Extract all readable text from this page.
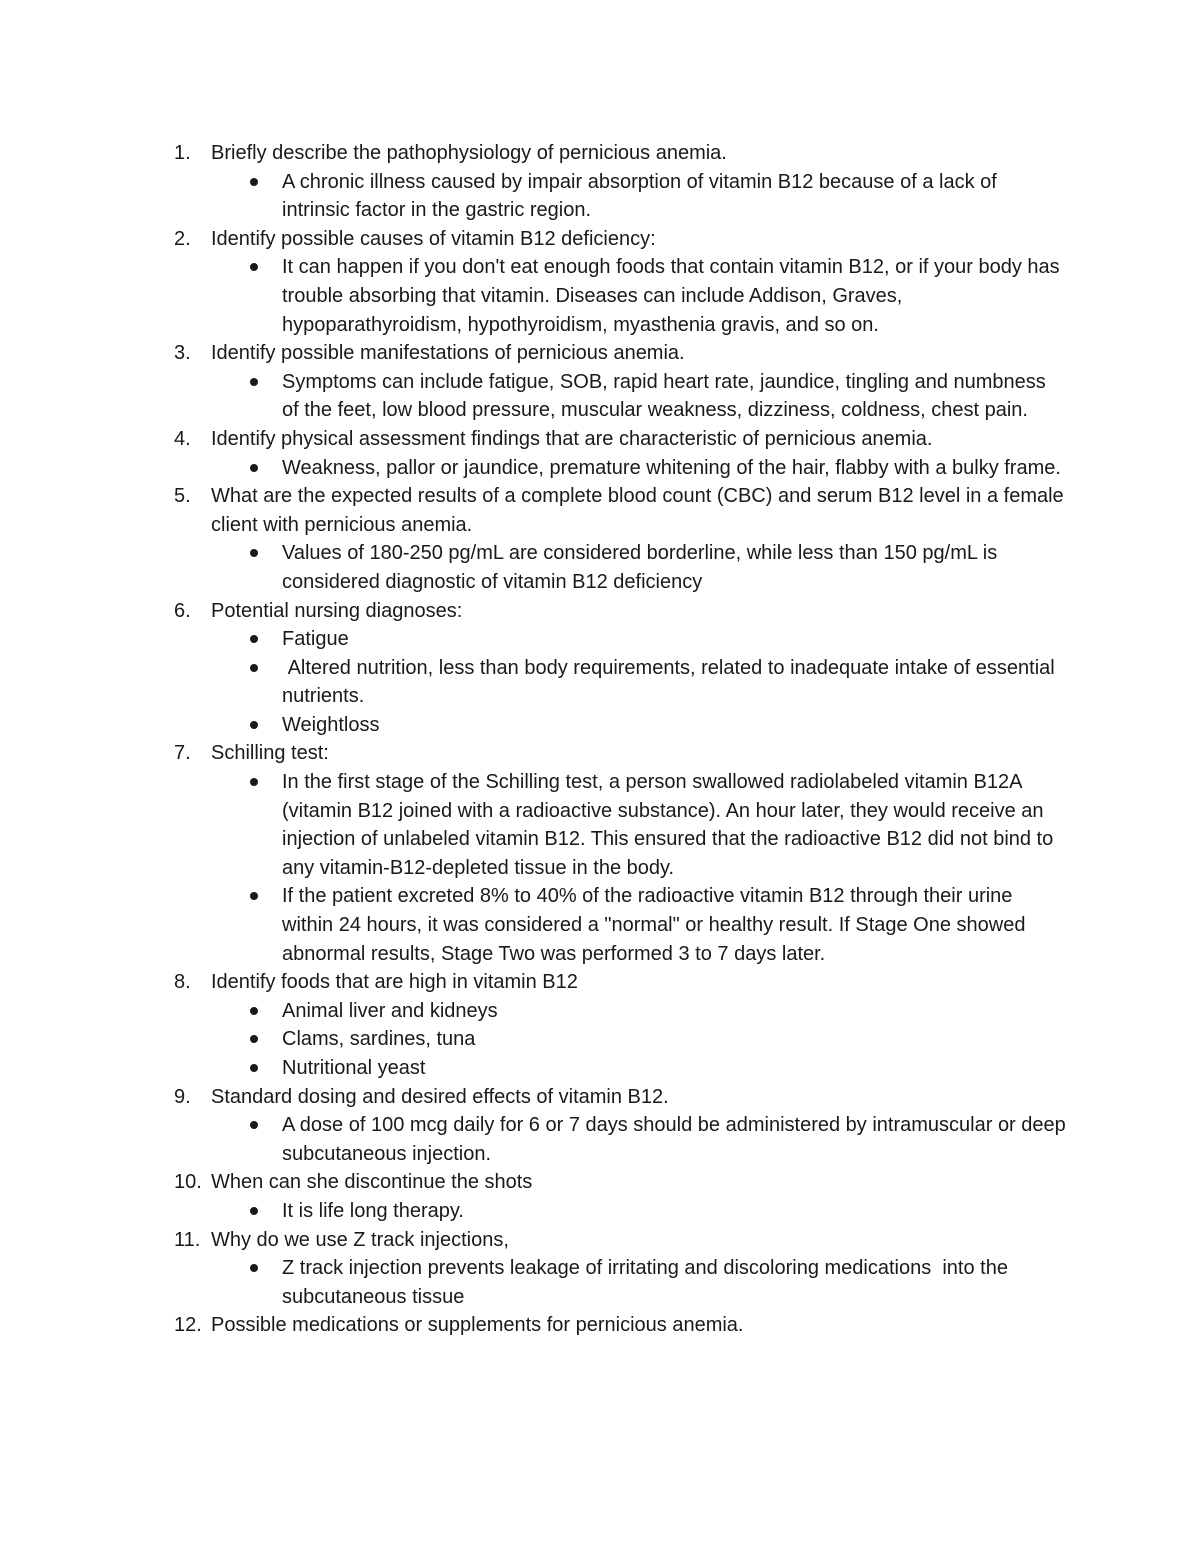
1. Briefly describe the pathophysiology of pernicious anemia.
A chronic illness caused by impair absorption of vitamin B12 because of a lack of intrinsic factor in the gastric region.
2. Identify possible causes of vitamin B12 deficiency:
It can happen if you don't eat enough foods that contain vitamin B12, or if your body has trouble absorbing that vitamin. Diseases can include Addison, Graves, hypoparathyroidism, hypothyroidism, myasthenia gravis, and so on.
3. Identify possible manifestations of pernicious anemia.
Symptoms can include fatigue, SOB, rapid heart rate, jaundice, tingling and numbness of the feet, low blood pressure, muscular weakness, dizziness, coldness, chest pain.
4. Identify physical assessment findings that are characteristic of pernicious anemia.
Weakness, pallor or jaundice, premature whitening of the hair, flabby with a bulky frame.
5. What are the expected results of a complete blood count (CBC) and serum B12 level in a female client with pernicious anemia.
Values of 180-250 pg/mL are considered borderline, while less than 150 pg/mL is considered diagnostic of vitamin B12 deficiency
6. Potential nursing diagnoses:
Fatigue
Altered nutrition, less than body requirements, related to inadequate intake of essential  nutrients.
Weightloss
7. Schilling test:
In the first stage of the Schilling test, a person swallowed radiolabeled vitamin B12A (vitamin B12 joined with a radioactive substance). An hour later, they would receive an injection of unlabeled vitamin B12. This ensured that the radioactive B12 did not bind to any vitamin-B12-depleted tissue in the body.
If the patient excreted 8% to 40% of the radioactive vitamin B12 through their urine within 24 hours, it was considered a "normal" or healthy result. If Stage One showed abnormal results, Stage Two was performed 3 to 7 days later.
8. Identify foods that are high in vitamin B12
Animal liver and kidneys
Clams, sardines, tuna
Nutritional yeast
9. Standard dosing and desired effects of vitamin B12.
A dose of 100 mcg daily for 6 or 7 days should be administered by intramuscular or deep subcutaneous injection.
10. When can she discontinue the shots
It is life long therapy.
11. Why do we use Z track injections,
Z track injection prevents leakage of irritating and discoloring medications  into the subcutaneous tissue
12. Possible medications or supplements for pernicious anemia.
